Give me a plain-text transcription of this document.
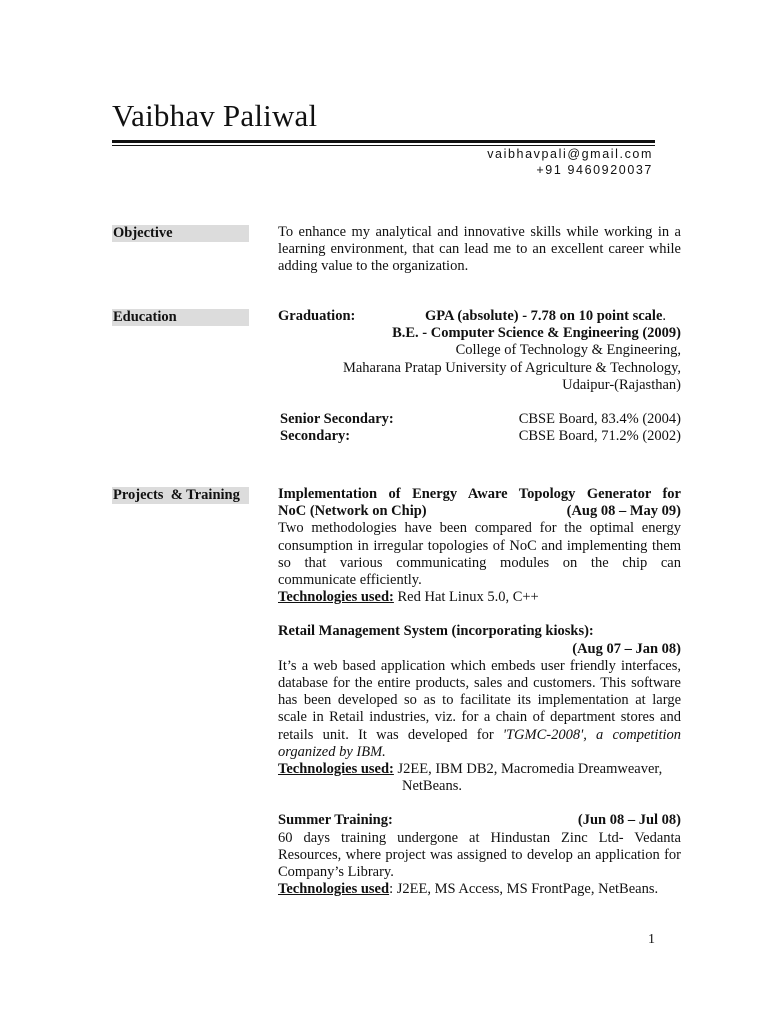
Vaibhav Paliwal
vaibhavpali@gmail.com
+91 9460920037
Objective	To enhance my analytical and innovative skills while working in a learning environment, that can lead me to an excellent career while adding value to the organization.
Education	Graduation:	GPA (absolute) - 7.78 on 10 point scale.
B.E. - Computer Science & Engineering (2009)
College of Technology & Engineering,
Maharana Pratap University of Agriculture & Technology,
Udaipur-(Rajasthan)
Senior Secondary:	CBSE Board, 83.4% (2004)
Secondary:	CBSE Board, 71.2% (2002)
Projects  & Training	Implementation of Energy Aware Topology Generator for
NoC (Network on Chip)	(Aug 08 – May 09)
Two methodologies have been compared for the optimal energy consumption in irregular topologies of NoC and implementing them so that various communicating modules on the chip can communicate efficiently.
Technologies used: Red Hat Linux 5.0, C++
Retail Management System (incorporating kiosks):
(Aug 07 – Jan 08)
It’s a web based application which embeds user friendly interfaces, database for the entire products, sales and customers. This software has been developed so as to facilitate its implementation at large scale in Retail industries, viz. for a chain of department stores and retails unit. It was developed for 'TGMC-2008', a competition organized by IBM.
Technologies used: J2EE, IBM DB2, Macromedia Dreamweaver,
NetBeans.
Summer Training:	(Jun 08 – Jul 08)
60 days training undergone at Hindustan Zinc Ltd- Vedanta Resources, where project was assigned to develop an application for Company’s Library.
Technologies used: J2EE, MS Access, MS FrontPage, NetBeans.
1
